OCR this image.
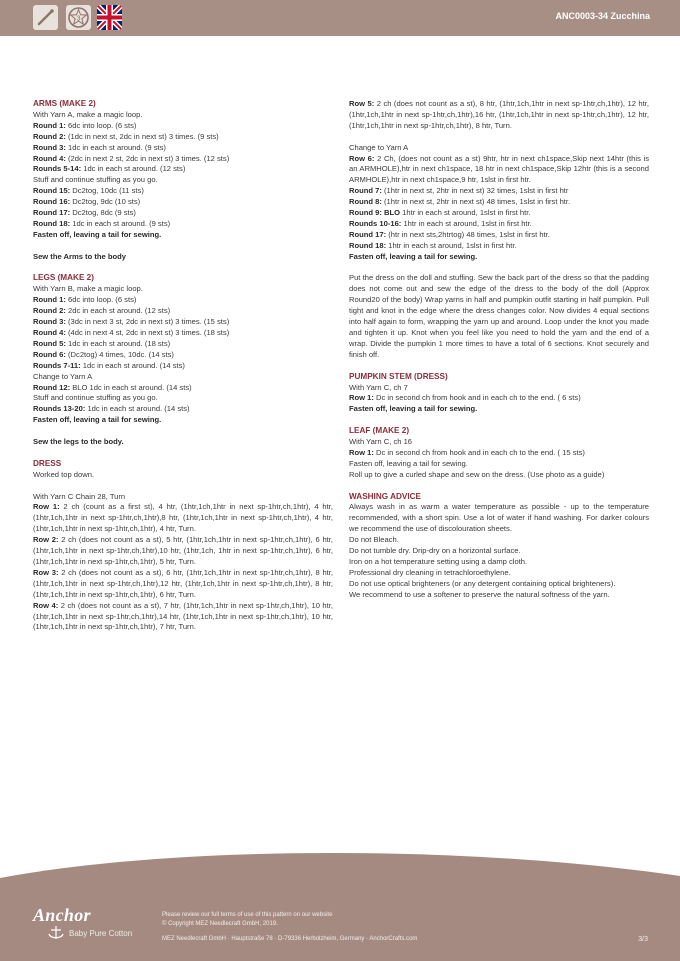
3	ANC0003-34 Zucchina

ARMS (MAKE 2)

With Yarn A, make a magic loop.

Round 1: 6dc into loop. (6 sts)

Round 2: (1dc in next st, 2dc in next st) 3 times. (9 sts)

Round 3: 1dc in each st around. (9 sts)

Round 4: (2dc in next 2 st, 2dc in next st) 3 times. (12 sts)

Rounds 5-14: 1dc in each st around. (12 sts)

Stuff and continue stuffing as you go.

Round 15: Dc2tog, 10dc (11 sts)

Round 16: Dc2tog, 9dc (10 sts)

Round 17: Dc2tog, 8dc (9 sts)

Round 18: 1dc in each st around. (9 sts)

Fasten off, leaving a tail for sewing.

Sew the Arms to the body

LEGS (MAKE 2)

With Yarn B, make a magic loop.

Round 1: 6dc into loop. (6 sts)

Round 2: 2dc in each st around. (12 sts)

Round 3: (3dc in next 3 st, 2dc in next st) 3 times. (15 sts)

Round 4: (4dc in next 4 st, 2dc in next st) 3 times. (18 sts)

Round 5: 1dc in each st around. (18 sts)

Round 6: (Dc2tog) 4 times, 10dc. (14 sts)

Rounds 7-11: 1dc in each st around. (14 sts)

Change to Yarn A

Round 12: BLO 1dc in each st around. (14 sts)

Stuff and continue stuffing as you go.

Rounds 13-20: 1dc in each st around. (14 sts)

Fasten off, leaving a tail for sewing.

Sew the legs to the body.

DRESS

Worked top down.

With Yarn C Chain 28, Turn

Row 1: 2 ch (count as a first st), 4 htr, (1htr,1ch,1htr in next sp-1htr,ch,1htr), 4 htr, (1htr,1ch,1htr in next sp-1htr,ch,1htr),8 htr, (1htr,1ch,1htr in next sp-1htr,ch,1htr), 4 htr, (1htr,1ch,1htr in next sp-1htr,ch,1htr), 4 htr, Turn.

Row 2: 2 ch (does not count as a st), 5 htr, (1htr,1ch,1htr in next sp-1htr,ch,1htr), 6 htr, (1htr,1ch,1htr in next sp-1htr,ch,1htr),10 htr, (1htr,1ch, 1htr in next sp-1htr,ch,1htr), 6 htr, (1htr,1ch,1htr in next sp-1htr,ch,1htr), 5 htr, Turn.

Row 3: 2 ch (does not count as a st), 6 htr, (1htr,1ch,1htr in next sp-1htr,ch,1htr), 8 htr, (1htr,1ch,1htr in next sp-1htr,ch,1htr),12 htr, (1htr,1ch,1htr in next sp-1htr,ch,1htr), 8 htr, (1htr,1ch,1htr in next sp-1htr,ch,1htr), 6 htr, Turn.

Row 4: 2 ch (does not count as a st), 7 htr, (1htr,1ch,1htr in next sp-1htr,ch,1htr), 10 htr, (1htr,1ch,1htr in next sp-1htr,ch,1htr),14 htr, (1htr,1ch,1htr in next sp-1htr,ch,1htr), 10 htr, (1htr,1ch,1htr in next sp-1htr,ch,1htr), 7 htr, Turn.

Row 5: 2 ch (does not count as a st), 8 htr, (1htr,1ch,1htr in next sp-1htr,ch,1htr), 12 htr, (1htr,1ch,1htr in next sp-1htr,ch,1htr),16 htr, (1htr,1ch,1htr in next sp-1htr,ch,1htr), 12 htr, (1htr,1ch,1htr in next sp-1htr,ch,1htr), 8 htr, Turn.

Change to Yarn A

Row 6: 2 Ch, (does not count as a st) 9htr, htr in next ch1space,Skip next 14htr (this is an ARMHOLE),htr in next ch1space, 18 htr in next ch1space,Skip 12htr (this is a second ARMHOLE),htr in next ch1space,9 htr, 1slst in first htr.

Round 7: (1htr in next st, 2htr in next st) 32 times, 1slst in first htr

Round 8: (1htr in next st, 2htr in next st) 48 times, 1slst in first htr.

Round 9: BLO 1htr in each st around, 1slst in first htr.

Rounds 10-16: 1htr in each st around, 1slst in first htr.

Round 17: (htr in next sts,2htrtog) 48 times, 1slst in first htr.

Round 18: 1htr in each st around, 1slst in first htr.

Fasten off, leaving a tail for sewing.

Put the dress on the doll and stuffing. Sew the back part of the dress so that the padding does not come out and sew the edge of the dress to the body of the doll (Approx Round20 of the body) Wrap yarns in half and pumpkin outfit starting in half pumpkin. Pull tight and knot in the edge where the dress changes color. Now divides 4 equal sections into half again to form, wrapping the yarn up and around. Loop under the knot you made and tighten it up. Knot when you feel like you need to hold the yarn and the end of a wrap. Divide the pumpkin 1 more times to have a total of 6 sections. Knot securely and finish off.

PUMPKIN STEM (DRESS)

With Yarn C, ch 7

Row 1: Dc in second ch from hook and in each ch to the end. ( 6 sts)

Fasten off, leaving a tail for sewing.

LEAF (MAKE 2)

With Yarn C, ch 16

Row 1: Dc in second ch from hook and in each ch to the end. ( 15 sts)

Fasten off, leaving a tail for sewing.

Roll up to give a curled shape and sew on the dress. (Use photo as a guide)

WASHING ADVICE

Always wash in as warm a water temperature as possible - up to the temperature recommended, with a short spin. Use a lot of water if hand washing. For darker colours we recommend the use of discolouration sheets.

Do not Bleach.

Do not tumble dry. Drip-dry on a horizontal surface.

Iron on a hot temperature setting using a damp cloth.

Professional dry cleaning in tetrachloroethylene.

Do not use optical brighteners (or any detergent containing optical brighteners).

We recommend to use a softener to preserve the natural softness of the yarn.

Anchor
Baby Pure Cotton
Please review our full terms of use of this pattern on our website
© Copyright MEZ Needlecraft GmbH, 2019.
MEZ Needlecraft GmbH · Hauptstraße 78 · D-79336 Herbolzheim, Germany · AnchorCrafts.com	3/3
